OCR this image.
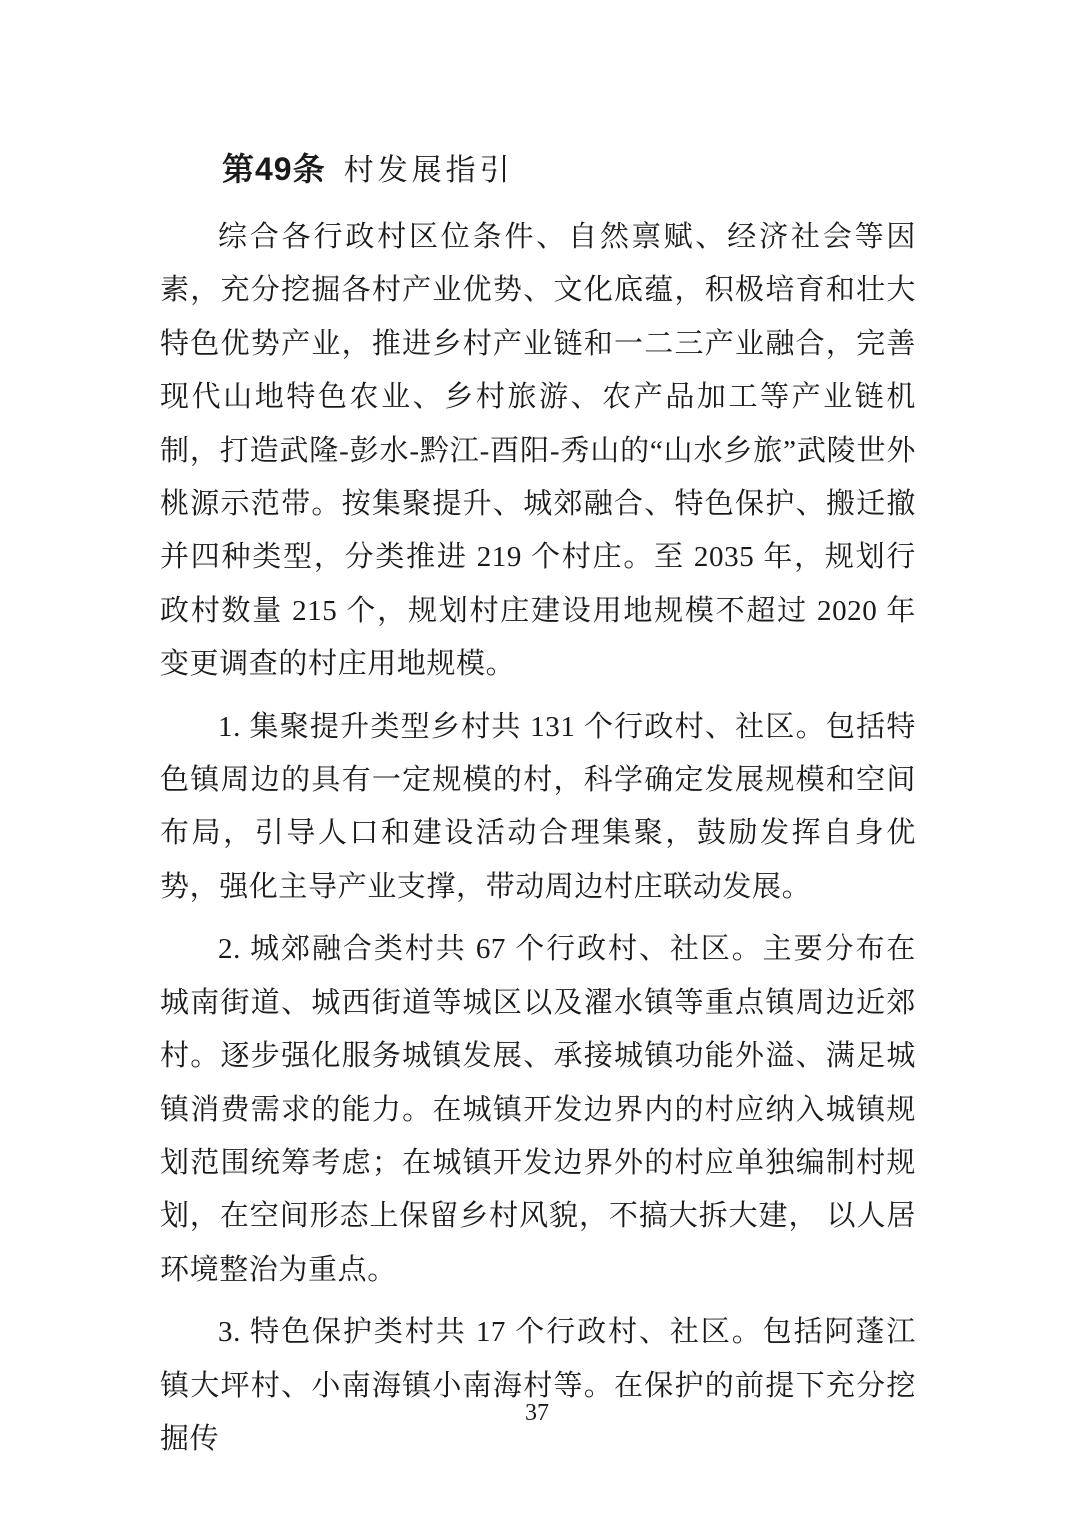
第49条 村发展指引

综合各行政村区位条件、自然禀赋、经济社会等因素，充分挖掘各村产业优势、文化底蕴，积极培育和壮大特色优势产业，推进乡村产业链和一二三产业融合，完善现代山地特色农业、乡村旅游、农产品加工等产业链机制，打造武隆-彭水-黔江-酉阳-秀山的“山水乡旅”武陵世外桃源示范带。按集聚提升、城郊融合、特色保护、搬迁撤并四种类型，分类推进 219 个村庄。至 2035 年，规划行政村数量 215 个，规划村庄建设用地规模不超过 2020 年变更调查的村庄用地规模。

1. 集聚提升类型乡村共 131 个行政村、社区。包括特色镇周边的具有一定规模的村，科学确定发展规模和空间布局，引导人口和建设活动合理集聚，鼓励发挥自身优势，强化主导产业支撑，带动周边村庄联动发展。

2. 城郊融合类村共 67 个行政村、社区。主要分布在城南街道、城西街道等城区以及濯水镇等重点镇周边近郊村。逐步强化服务城镇发展、承接城镇功能外溢、满足城镇消费需求的能力。在城镇开发边界内的村应纳入城镇规划范围统筹考虑；在城镇开发边界外的村应单独编制村规划，在空间形态上保留乡村风貌，不搞大拆大建， 以人居环境整治为重点。

3. 特色保护类村共 17 个行政村、社区。包括阿蓬江镇大坪村、小南海镇小南海村等。在保护的前提下充分挖掘传

37
